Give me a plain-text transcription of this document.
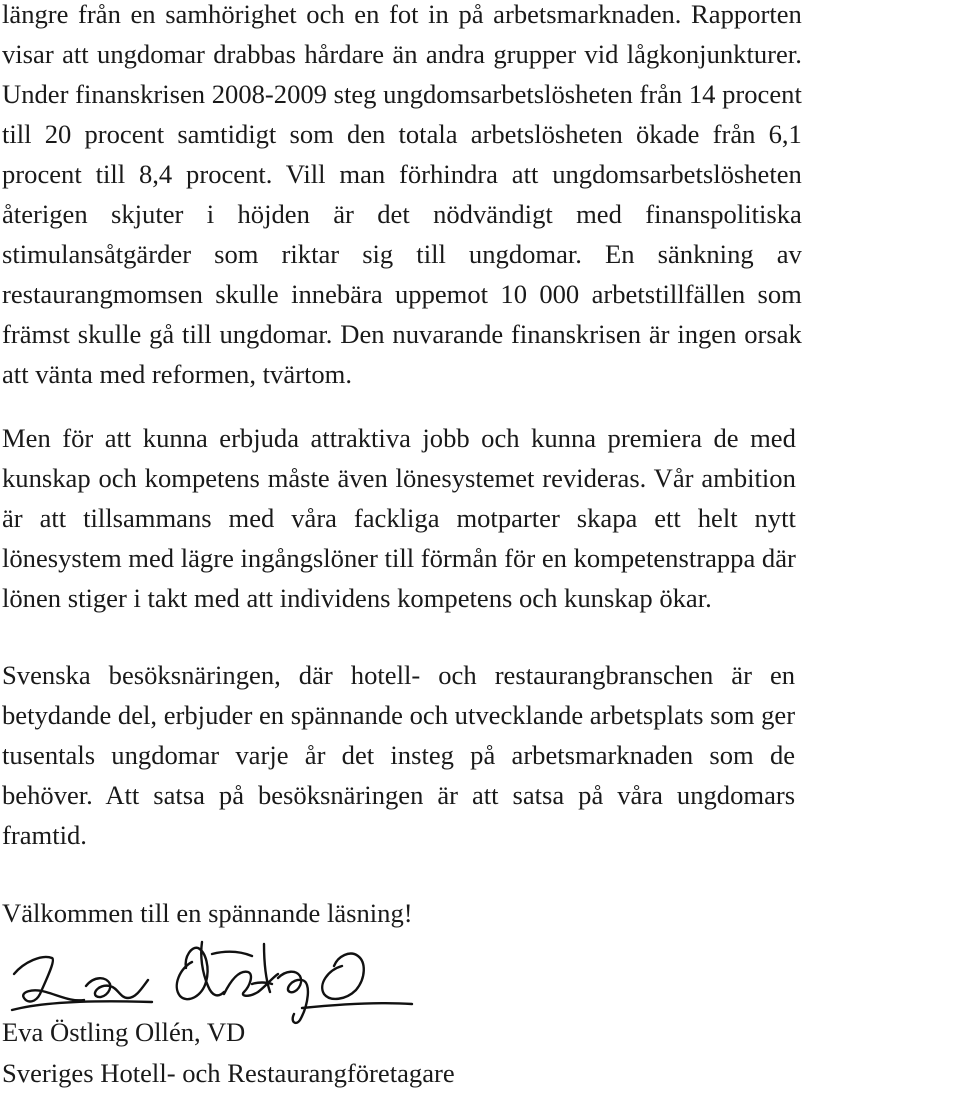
längre från en samhörighet och en fot in på arbetsmarknaden. Rapporten
visar att ungdomar drabbas hårdare än andra grupper vid lågkonjunkturer.
Under finanskrisen 2008-2009 steg ungdomsarbetslösheten från 14 procent
till 20 procent samtidigt som den totala arbetslösheten ökade från 6,1
procent till 8,4 procent. Vill man förhindra att ungdomsarbetslösheten
återigen skjuter i höjden är det nödvändigt med finanspolitiska
stimulansåtgärder som riktar sig till ungdomar. En sänkning av
restaurangmomsen skulle innebära uppemot 10 000 arbetstillfällen som
främst skulle gå till ungdomar. Den nuvarande finanskrisen är ingen orsak
att vänta med reformen, tvärtom.

Men för att kunna erbjuda attraktiva jobb och kunna premiera de med
kunskap och kompetens måste även lönesystemet revideras. Vår ambition
är att tillsammans med våra fackliga motparter skapa ett helt nytt
lönesystem med lägre ingångslöner till förmån för en kompetenstrappa där
lönen stiger i takt med att individens kompetens och kunskap ökar.

Svenska besöksnäringen, där hotell- och restaurangbranschen är en
betydande del, erbjuder en spännande och utvecklande arbetsplats som ger
tusentals ungdomar varje år det insteg på arbetsmarknaden som de
behöver. Att satsa på besöksnäringen är att satsa på våra ungdomars
framtid.

Välkommen till en spännande läsning!

Eva Östling Ollén, VD

Sveriges Hotell- och Restaurangföretagare
